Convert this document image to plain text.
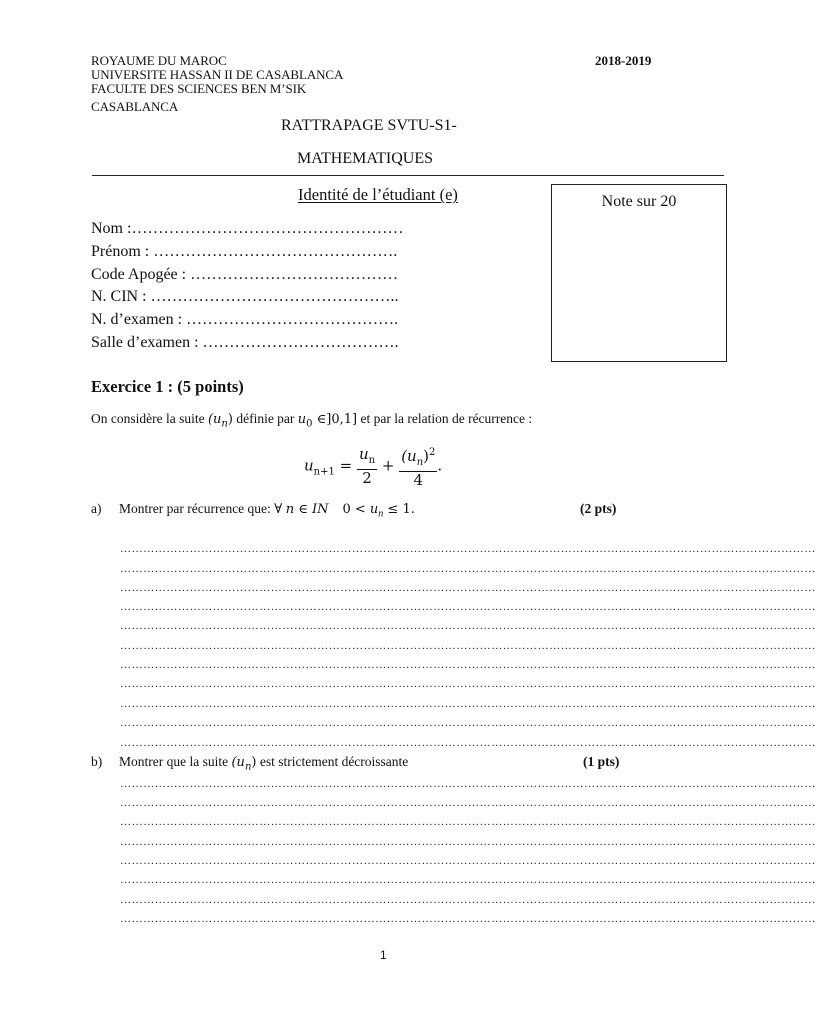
ROYAUME DU MAROC
UNIVERSITE HASSAN II DE CASABLANCA
FACULTE DES SCIENCES BEN M’SIK
CASABLANCA
2018-2019
RATTRAPAGE SVTU-S1-
MATHEMATIQUES
Identité de l’étudiant (e)	Note sur 20
Nom :……………………………………………
Prénom : ……………………………………….
Code Apogée : …………………………………
N. CIN : ………………………………………..
N. d’examen : ………………………………….
Salle d’examen : ……………………………….
Exercice 1 : (5 points)
On considère la suite $(u_n)$ définie par $u_0$ ∈]0,1] et par la relation de récurrence :
$u_{n+1} = \frac{u_n}{2} + \frac{(u_n)^2}{4}$ .
a) Montrer par récurrence que: ∀ n ∈ IN $0 < u_n \le 1$.	(2 pts)
………………………………………………………………………………………………………………………………………………………………
………………………………………………………………………………………………………………………………………………………………
………………………………………………………………………………………………………………………………………………………………
………………………………………………………………………………………………………………………………………………………………
………………………………………………………………………………………………………………………………………………………………
………………………………………………………………………………………………………………………………………………………………
………………………………………………………………………………………………………………………………………………………………
………………………………………………………………………………………………………………………………………………………………
………………………………………………………………………………………………………………………………………………………………
………………………………………………………………………………………………………………………………………………………………
………………………………………………………………………………………………………………………………………………………………
b) Montrer que la suite $(u_n)$ est strictement décroissante	(1 pts)
………………………………………………………………………………………………………………………………………………………………
………………………………………………………………………………………………………………………………………………………………
………………………………………………………………………………………………………………………………………………………………
………………………………………………………………………………………………………………………………………………………………
………………………………………………………………………………………………………………………………………………………………
………………………………………………………………………………………………………………………………………………………………
………………………………………………………………………………………………………………………………………………………………
………………………………………………………………………………………………………………………………………………………………
1
